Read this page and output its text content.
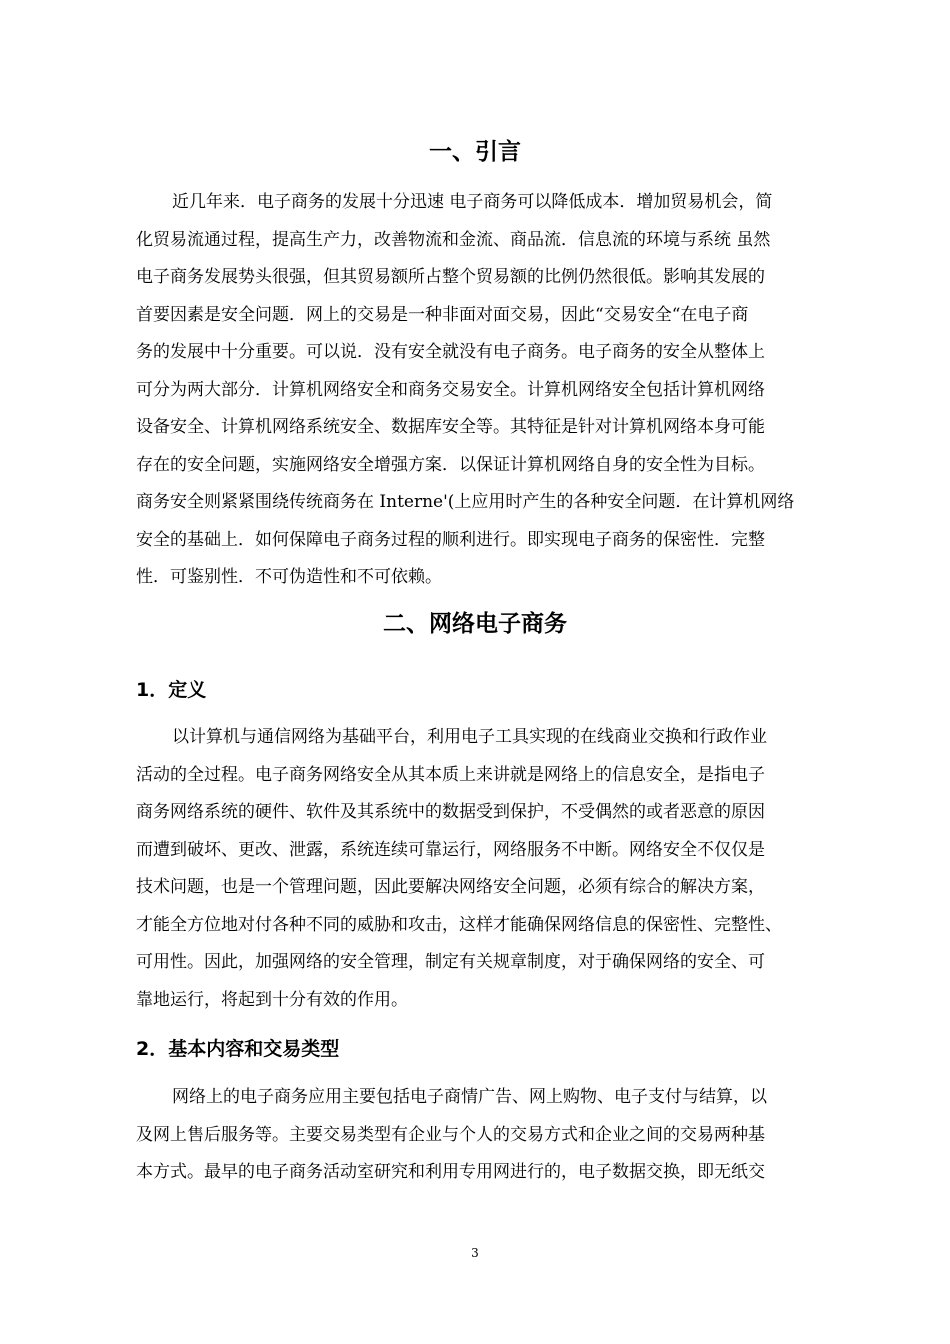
一、引言
近几年来．电子商务的发展十分迅速 电子商务可以降低成本．增加贸易机会，简
化贸易流通过程，提高生产力，改善物流和金流、商品流．信息流的环境与系统 虽然
电子商务发展势头很强，但其贸易额所占整个贸易额的比例仍然很低。影响其发展的
首要因素是安全问题．网上的交易是一种非面对面交易，因此“交易安全“在电子商
务的发展中十分重要。可以说．没有安全就没有电子商务。电子商务的安全从整体上
可分为两大部分．计算机网络安全和商务交易安全。计算机网络安全包括计算机网络
设备安全、计算机网络系统安全、数据库安全等。其特征是针对计算机网络本身可能
存在的安全问题，实施网络安全增强方案．以保证计算机网络自身的安全性为目标。
商务安全则紧紧围绕传统商务在 Interne'(上应用时产生的各种安全问题．在计算机网络
安全的基础上．如何保障电子商务过程的顺利进行。即实现电子商务的保密性．完整
性．可鉴别性．不可伪造性和不可依赖。
二、网络电子商务
1．定义
以计算机与通信网络为基础平台，利用电子工具实现的在线商业交换和行政作业
活动的全过程。电子商务网络安全从其本质上来讲就是网络上的信息安全，是指电子
商务网络系统的硬件、软件及其系统中的数据受到保护，不受偶然的或者恶意的原因
而遭到破坏、更改、泄露，系统连续可靠运行，网络服务不中断。网络安全不仅仅是
技术问题，也是一个管理问题，因此要解决网络安全问题，必须有综合的解决方案，
才能全方位地对付各种不同的威胁和攻击，这样才能确保网络信息的保密性、完整性、
可用性。因此，加强网络的安全管理，制定有关规章制度，对于确保网络的安全、可
靠地运行，将起到十分有效的作用。
2．基本内容和交易类型
网络上的电子商务应用主要包括电子商情广告、网上购物、电子支付与结算，以
及网上售后服务等。主要交易类型有企业与个人的交易方式和企业之间的交易两种基
本方式。最早的电子商务活动室研究和利用专用网进行的，电子数据交换，即无纸交
3
